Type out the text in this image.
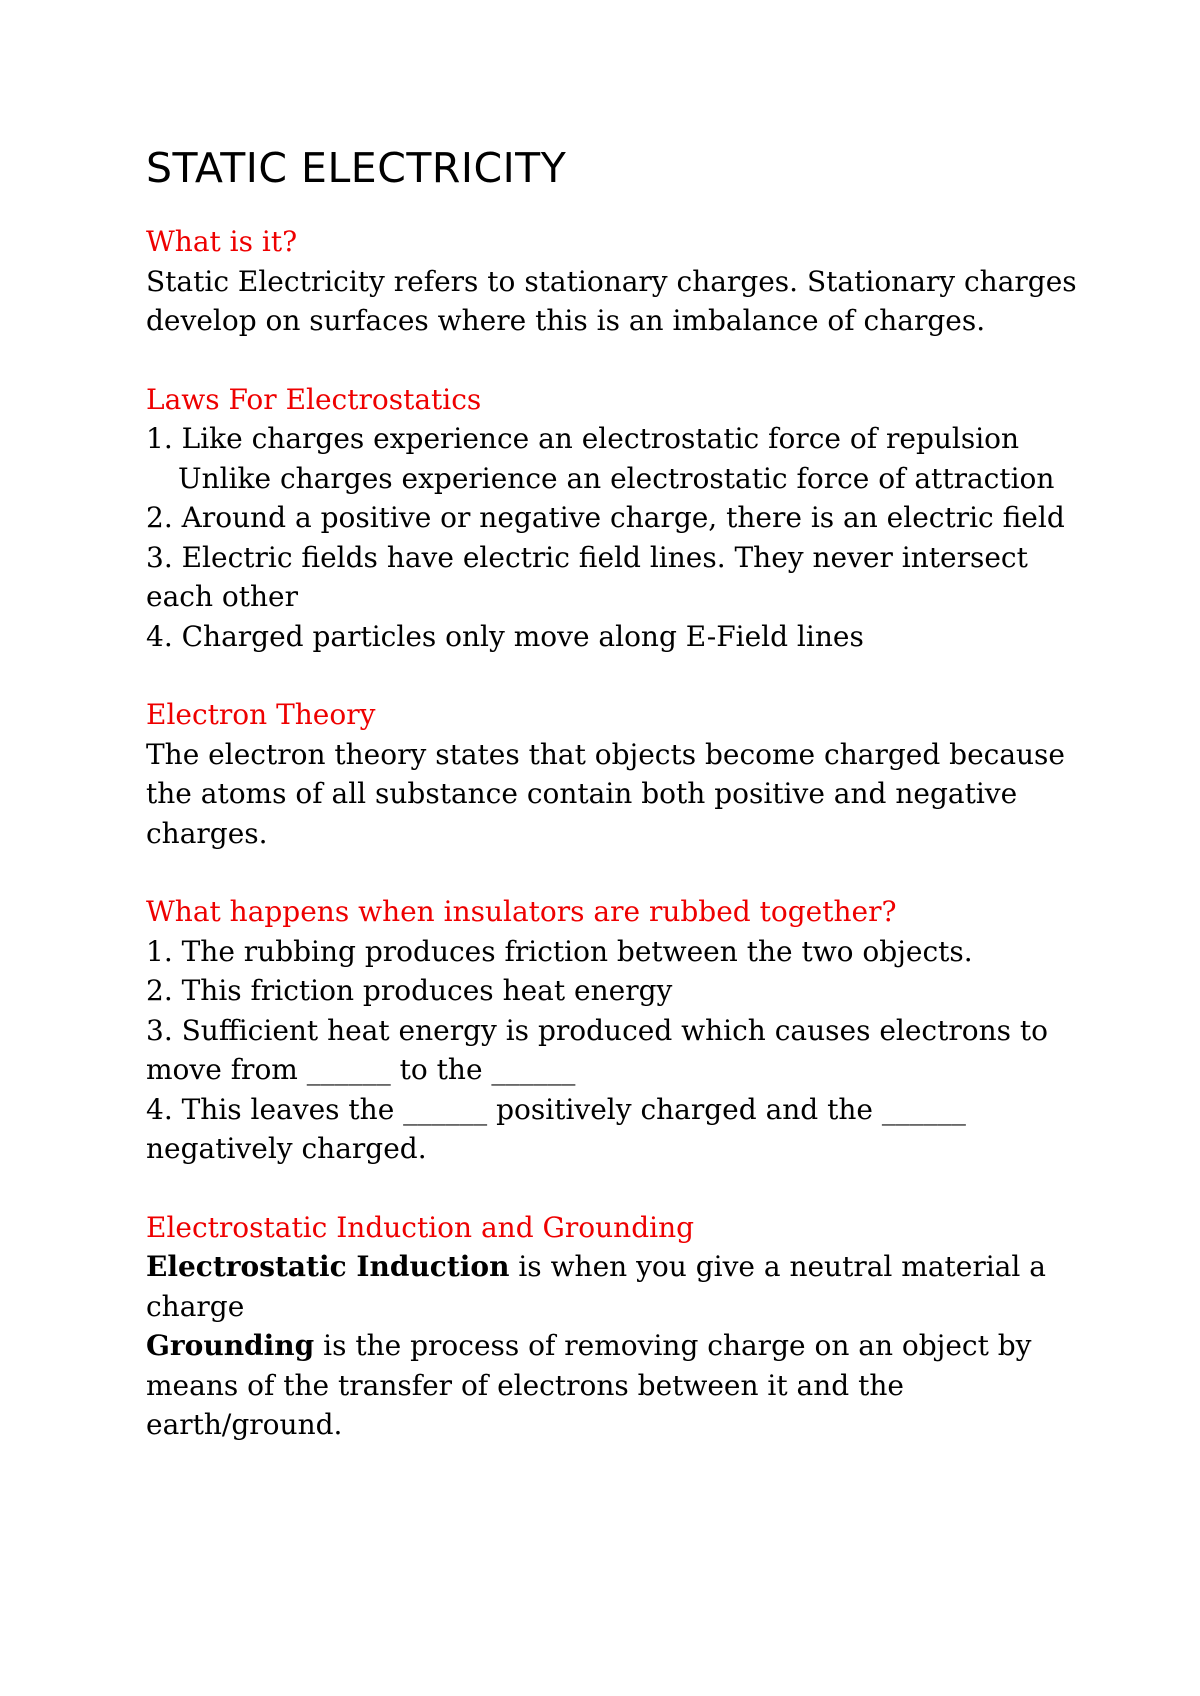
STATIC ELECTRICITY
What is it?
Static Electricity refers to stationary charges. Stationary charges
develop on surfaces where this is an imbalance of charges.
Laws For Electrostatics
1. Like charges experience an electrostatic force of repulsion
Unlike charges experience an electrostatic force of attraction
2. Around a positive or negative charge, there is an electric field
3. Electric fields have electric field lines. They never intersect
each other
4. Charged particles only move along E-Field lines
Electron Theory
The electron theory states that objects become charged because
the atoms of all substance contain both positive and negative
charges.
What happens when insulators are rubbed together?
1. The rubbing produces friction between the two objects.
2. This friction produces heat energy
3. Sufficient heat energy is produced which causes electrons to
move from ______ to the ______
4. This leaves the ______ positively charged and the ______
negatively charged.
Electrostatic Induction and Grounding
Electrostatic Induction is when you give a neutral material a
charge
Grounding is the process of removing charge on an object by
means of the transfer of electrons between it and the
earth/ground.
